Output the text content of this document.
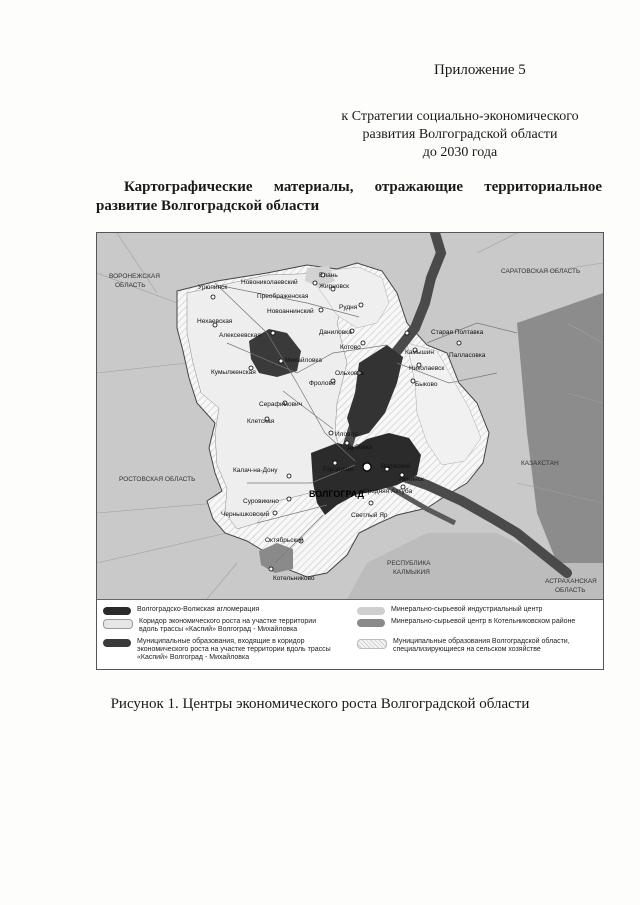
Приложение 5
к Стратегии социально-экономического
развития Волгоградской области
до 2030 года
Картографические материалы, отражающие территориальное
развитие Волгоградской области
ВОРОНЕЖСКАЯ
ОБЛАСТЬ
САРАТОВСКАЯ ОБЛАСТЬ
РОСТОВСКАЯ ОБЛАСТЬ
КАЗАХСТАН
РЕСПУБЛИКА
КАЛМЫКИЯ
АСТРАХАНСКАЯ
ОБЛАСТЬ
Урюпинск
Новониколаевский
Елань
Жирновск
Преображенская
Рудня
Новоаннинский
Нехаевская
Алексеевская	Даниловка
Котово
Михайловка
Кумылженская
Фролово
Ольховка
Камышин
Старая Полтавка
Палласовка
Николаевск
Быково
Серафимович
Клетская
Иловля
Дубовка
Городище	Волжский
Ленинск
Калач-на-Дону
ВОЛГОГРАД Средняя Ахтуба
Суровикино
Чернышковский	Светлый Яр
Октябрьский
Котельниково
Волгоградско-Волжская агломерация
Коридор экономического роста на участке территории вдоль трассы «Каспий» Волгоград - Михайловка
Муниципальные образования, входящие в коридор экономического роста на участке территории вдоль трассы «Каспий» Волгоград - Михайловка
Минерально-сырьевой индустриальный центр
Минерально-сырьевой центр в Котельниковском районе
Муниципальные образования Волгоградской области, специализирующиеся на сельском хозяйстве
Рисунок 1. Центры экономического роста Волгоградской области
